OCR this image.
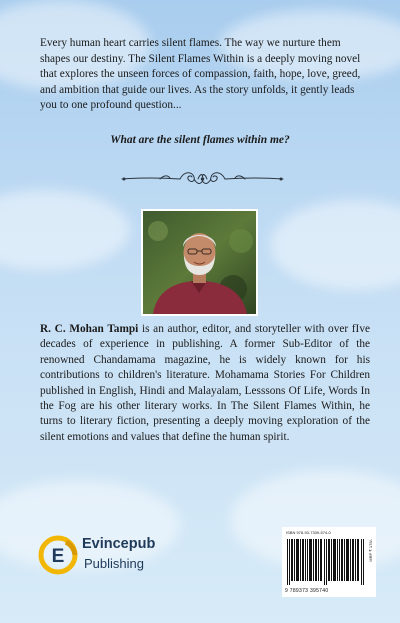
Every human heart carries silent flames. The way we nurture them shapes our destiny. The Silent Flames Within is a deeply moving novel that explores the unseen forces of compassion, faith, hope, love, greed, and ambition that guide our lives. As the story unfolds, it gently leads you to one profound question...

What are the silent flames within me?
R. C. Mohan Tampi is an author, editor, and storyteller with over fIve decades of experience in publishing. A former Sub-Editor of the renowned Chandamama magazine, he is widely known for his contributions to children's literature. Mohamama Stories For Children published in English, Hindi and Malayalam, Lesssons Of Life, Words In the Fog are his other literary works. In The Silent Flames Within, he turns to literary fiction, presenting a deeply moving exploration of the silent emotions and values that define the human spirit.
E
Evincepub
Publishing
ISBN 978-93-7339-574-0
MRP ₹ 175/-
9 789373 395740
